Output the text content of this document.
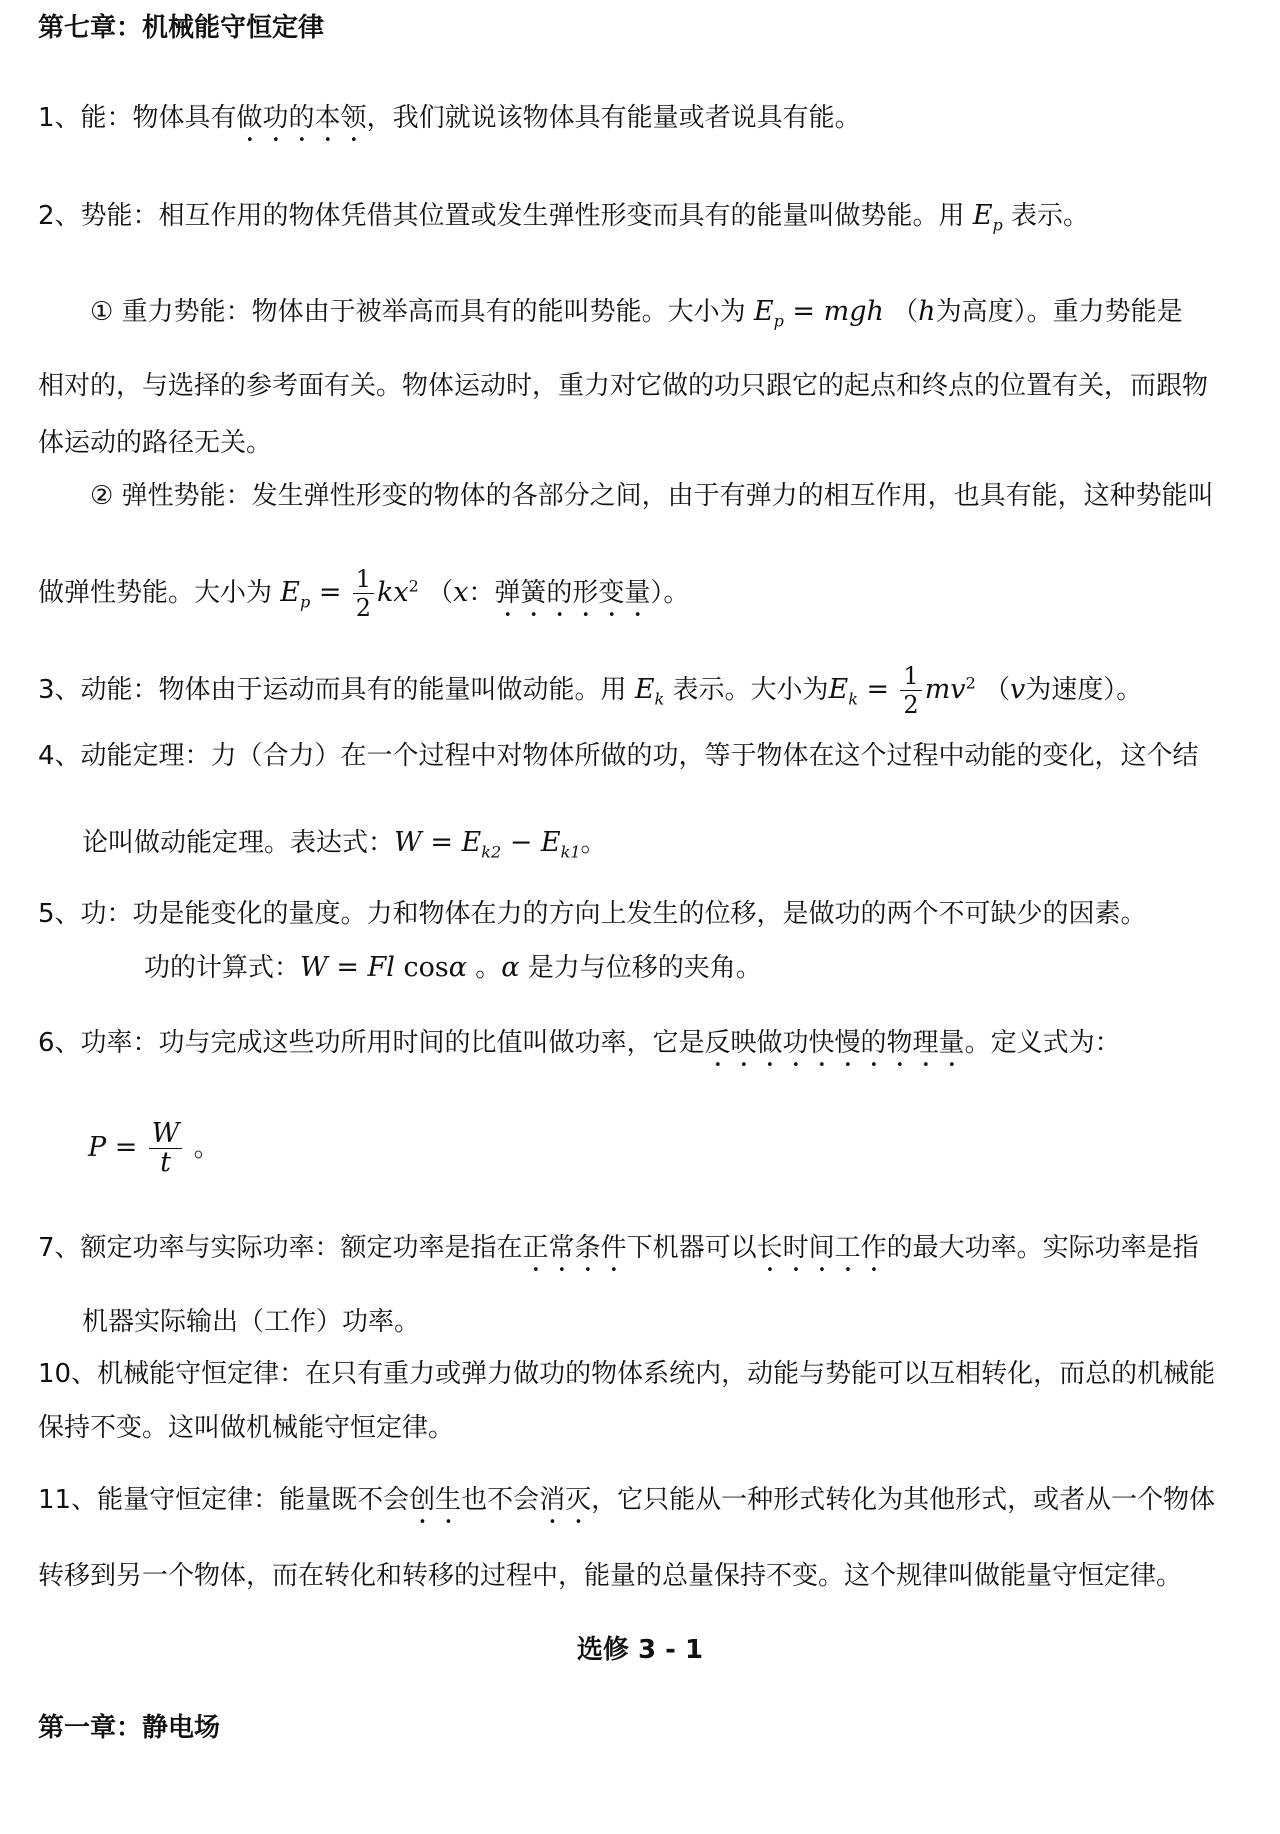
第七章：机械能守恒定律
1、能：物体具有做功的本领，我们就说该物体具有能量或者说具有能。
2、势能：相互作用的物体凭借其位置或发生弹性形变而具有的能量叫做势能。用 $E_p$ 表示。
① 重力势能：物体由于被举高而具有的能叫势能。大小为 $E_p$ = mgh （h为高度）。重力势能是
相对的，与选择的参考面有关。物体运动时，重力对它做的功只跟它的起点和终点的位置有关，而跟物
体运动的路径无关。
② 弹性势能：发生弹性形变的物体的各部分之间，由于有弹力的相互作用，也具有能，这种势能叫
做弹性势能。大小为 $E_p = \frac{1}{2} kx^2$ （x：弹簧的形变量）。
3、动能：物体由于运动而具有的能量叫做动能。用 $E_k$ 表示。大小为$E_k = \frac{1}{2} mv^2$ （v为速度）。
4、动能定理：力（合力）在一个过程中对物体所做的功，等于物体在这个过程中动能的变化，这个结
论叫做动能定理。表达式：$W = E_{k2} - E_{k1}$。
5、功：功是能变化的量度。力和物体在力的方向上发生的位移，是做功的两个不可缺少的因素。
功的计算式：W = Fl cosα 。α 是力与位移的夹角。
6、功率：功与完成这些功所用时间的比值叫做功率，它是反映做功快慢的物理量。定义式为：
$P = \frac{W}{t}$ 。
7、额定功率与实际功率：额定功率是指在正常条件下机器可以长时间工作的最大功率。实际功率是指
机器实际输出（工作）功率。
10、机械能守恒定律：在只有重力或弹力做功的物体系统内，动能与势能可以互相转化，而总的机械能
保持不变。这叫做机械能守恒定律。
11、能量守恒定律：能量既不会创生也不会消灭，它只能从一种形式转化为其他形式，或者从一个物体
转移到另一个物体，而在转化和转移的过程中，能量的总量保持不变。这个规律叫做能量守恒定律。
选修 3 - 1
第一章：静电场
